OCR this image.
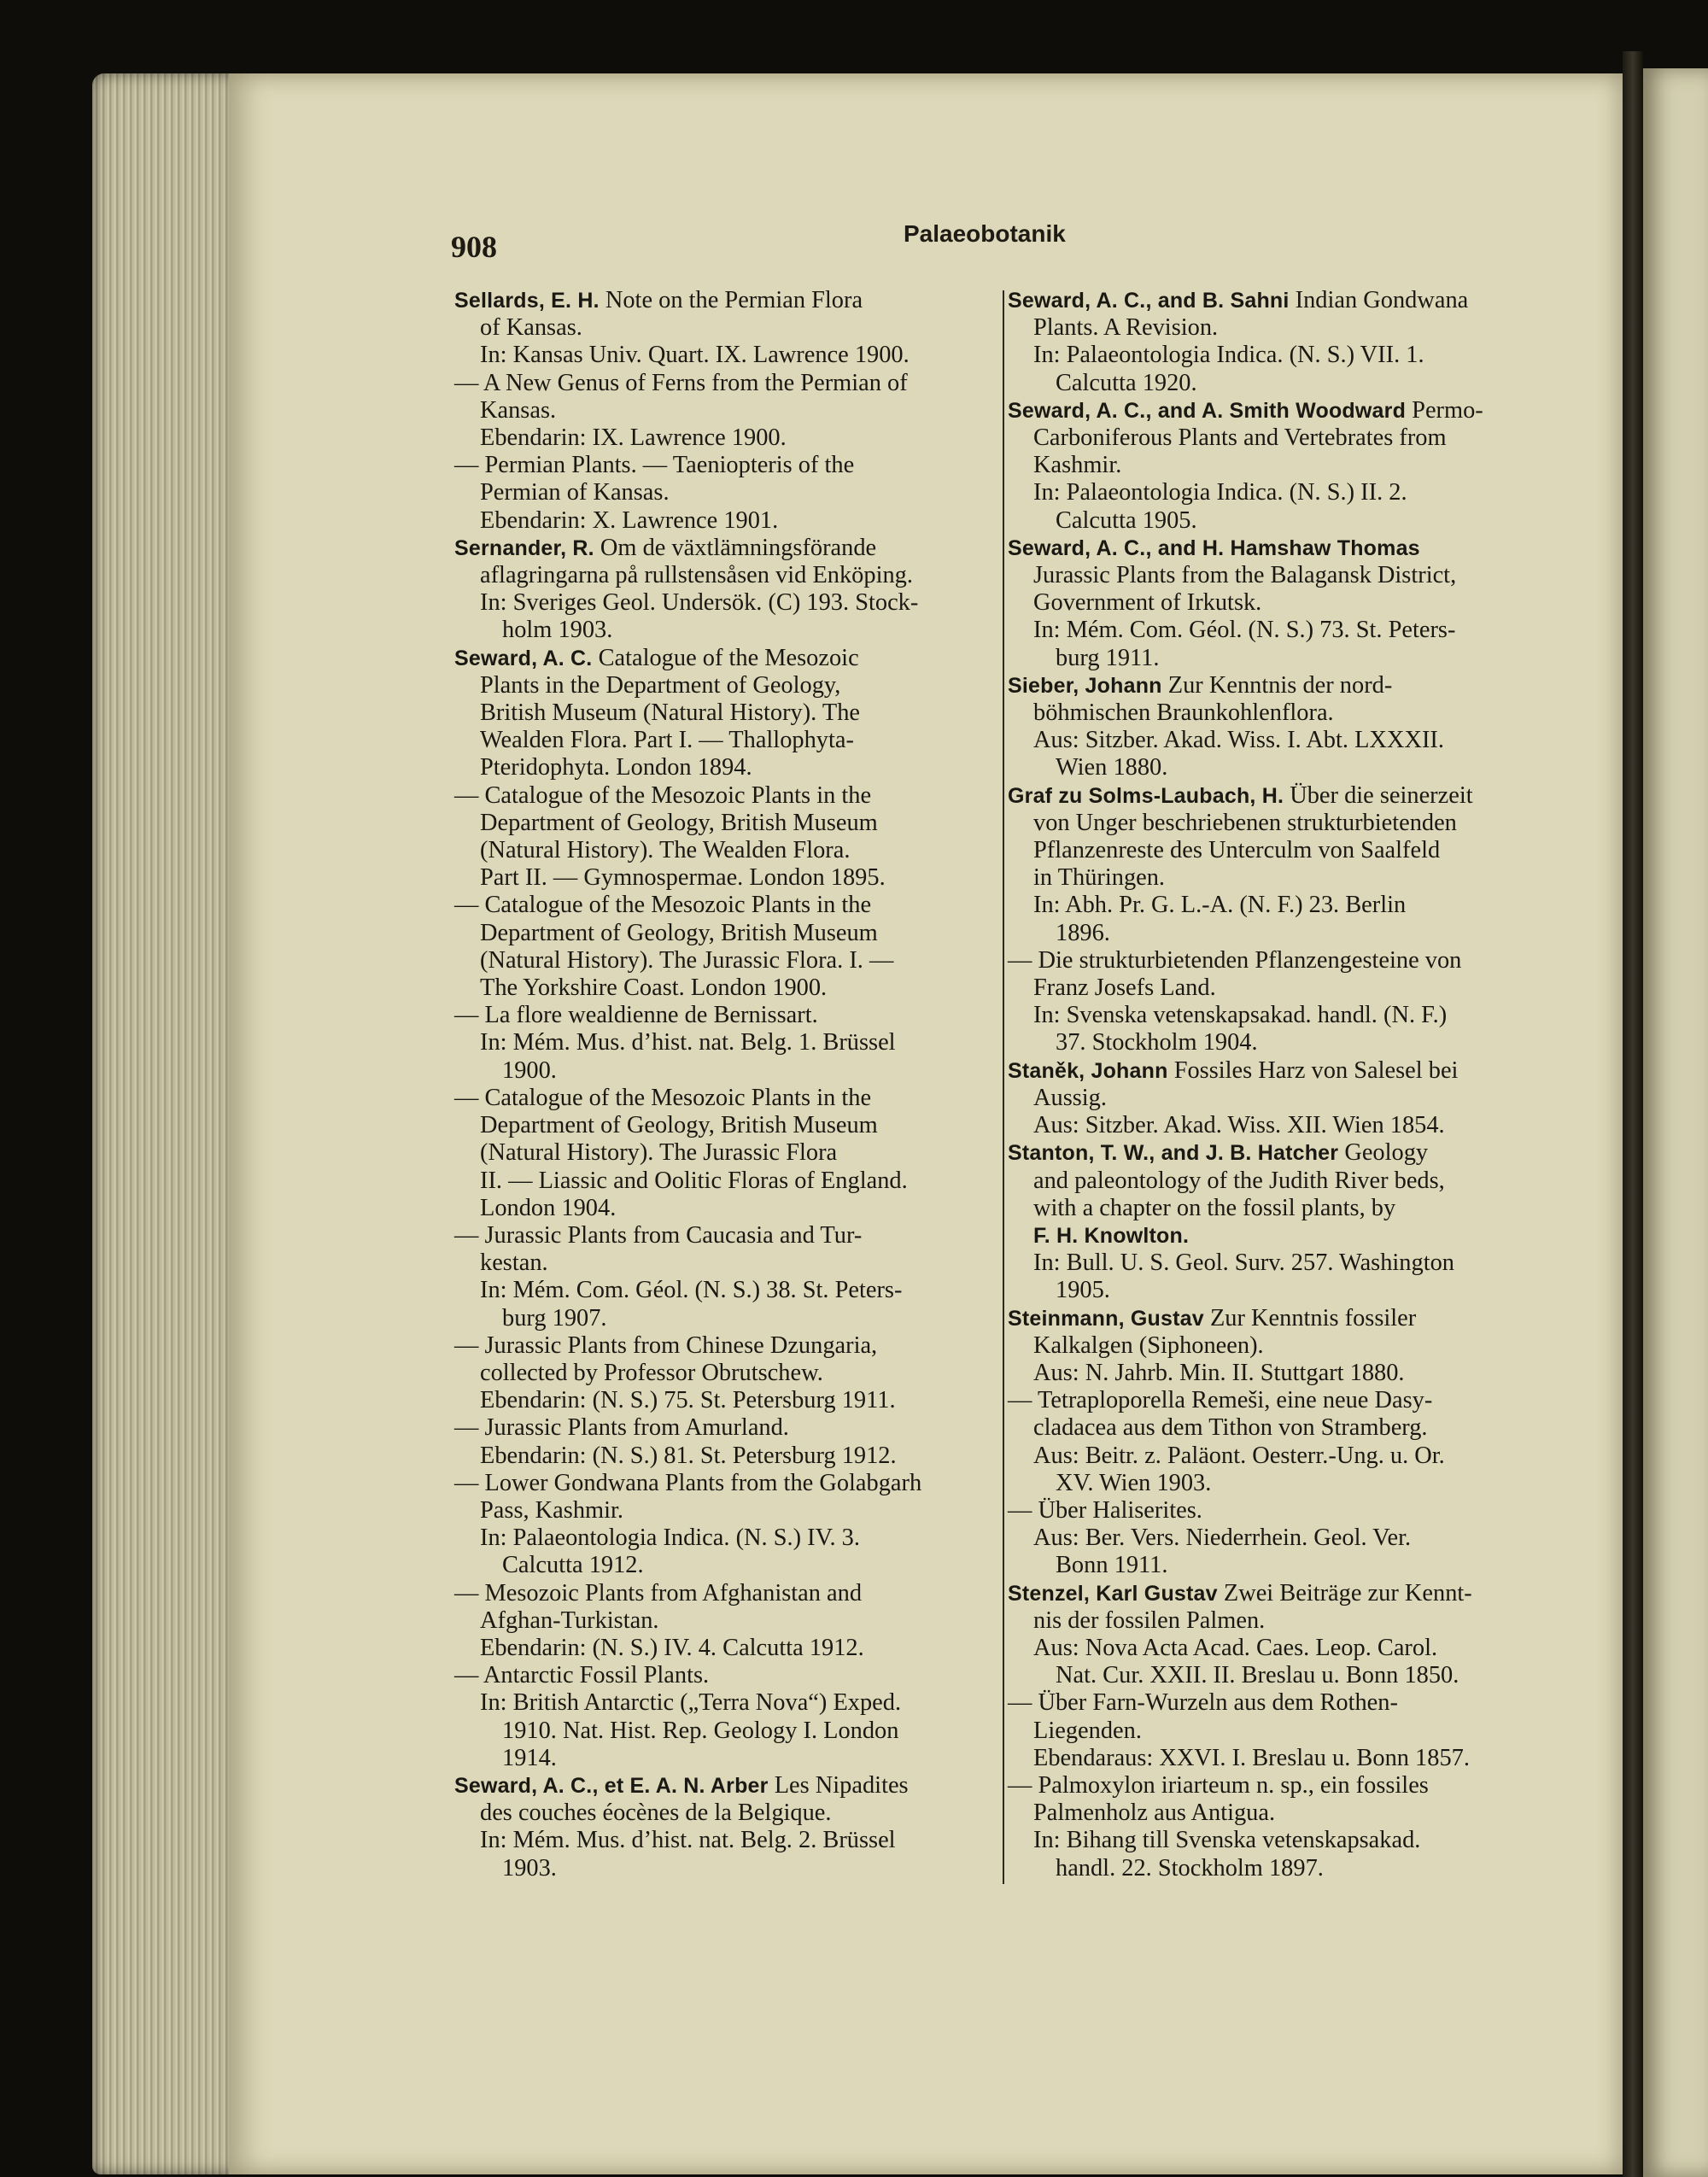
908	Palaeobotanik
Sellards, E. H. Note on the Permian Flora
of Kansas.
In: Kansas Univ. Quart. IX. Lawrence 1900.
— A New Genus of Ferns from the Permian of
Kansas.
Ebendarin: IX. Lawrence 1900.
— Permian Plants. — Taeniopteris of the
Permian of Kansas.
Ebendarin: X. Lawrence 1901.
Sernander, R. Om de växtlämningsförande
aflagringarna på rullstensåsen vid Enköping.
In: Sveriges Geol. Undersök. (C) 193. Stock-
holm 1903.
Seward, A. C. Catalogue of the Mesozoic
Plants in the Department of Geology,
British Museum (Natural History). The
Wealden Flora. Part I. — Thallophyta-
Pteridophyta. London 1894.
— Catalogue of the Mesozoic Plants in the
Department of Geology, British Museum
(Natural History). The Wealden Flora.
Part II. — Gymnospermae. London 1895.
— Catalogue of the Mesozoic Plants in the
Department of Geology, British Museum
(Natural History). The Jurassic Flora. I. —
The Yorkshire Coast. London 1900.
— La flore wealdienne de Bernissart.
In: Mém. Mus. d’hist. nat. Belg. 1. Brüssel
1900.
— Catalogue of the Mesozoic Plants in the
Department of Geology, British Museum
(Natural History). The Jurassic Flora
II. — Liassic and Oolitic Floras of England.
London 1904.
— Jurassic Plants from Caucasia and Tur-
kestan.
In: Mém. Com. Géol. (N. S.) 38. St. Peters-
burg 1907.
— Jurassic Plants from Chinese Dzungaria,
collected by Professor Obrutschew.
Ebendarin: (N. S.) 75. St. Petersburg 1911.
— Jurassic Plants from Amurland.
Ebendarin: (N. S.) 81. St. Petersburg 1912.
— Lower Gondwana Plants from the Golabgarh
Pass, Kashmir.
In: Palaeontologia Indica. (N. S.) IV. 3.
Calcutta 1912.
— Mesozoic Plants from Afghanistan and
Afghan-Turkistan.
Ebendarin: (N. S.) IV. 4. Calcutta 1912.
— Antarctic Fossil Plants.
In: British Antarctic („Terra Nova“) Exped.
1910. Nat. Hist. Rep. Geology I. London
1914.
Seward, A. C., et E. A. N. Arber Les Nipadites
des couches éocènes de la Belgique.
In: Mém. Mus. d’hist. nat. Belg. 2. Brüssel
1903.
Seward, A. C., and B. Sahni Indian Gondwana
Plants. A Revision.
In: Palaeontologia Indica. (N. S.) VII. 1.
Calcutta 1920.
Seward, A. C., and A. Smith Woodward Permo-
Carboniferous Plants and Vertebrates from
Kashmir.
In: Palaeontologia Indica. (N. S.) II. 2.
Calcutta 1905.
Seward, A. C., and H. Hamshaw Thomas
Jurassic Plants from the Balagansk District,
Government of Irkutsk.
In: Mém. Com. Géol. (N. S.) 73. St. Peters-
burg 1911.
Sieber, Johann Zur Kenntnis der nord-
böhmischen Braunkohlenflora.
Aus: Sitzber. Akad. Wiss. I. Abt. LXXXII.
Wien 1880.
Graf zu Solms-Laubach, H. Über die seinerzeit
von Unger beschriebenen strukturbietenden
Pflanzenreste des Unterculm von Saalfeld
in Thüringen.
In: Abh. Pr. G. L.-A. (N. F.) 23. Berlin
1896.
— Die strukturbietenden Pflanzengesteine von
Franz Josefs Land.
In: Svenska vetenskapsakad. handl. (N. F.)
37. Stockholm 1904.
Staněk, Johann Fossiles Harz von Salesel bei
Aussig.
Aus: Sitzber. Akad. Wiss. XII. Wien 1854.
Stanton, T. W., and J. B. Hatcher Geology
and paleontology of the Judith River beds,
with a chapter on the fossil plants, by
F. H. Knowlton.
In: Bull. U. S. Geol. Surv. 257. Washington
1905.
Steinmann, Gustav Zur Kenntnis fossiler
Kalkalgen (Siphoneen).
Aus: N. Jahrb. Min. II. Stuttgart 1880.
— Tetraploporella Remeši, eine neue Dasy-
cladacea aus dem Tithon von Stramberg.
Aus: Beitr. z. Paläont. Oesterr.-Ung. u. Or.
XV. Wien 1903.
— Über Haliserites.
Aus: Ber. Vers. Niederrhein. Geol. Ver.
Bonn 1911.
Stenzel, Karl Gustav Zwei Beiträge zur Kennt-
nis der fossilen Palmen.
Aus: Nova Acta Acad. Caes. Leop. Carol.
Nat. Cur. XXII. II. Breslau u. Bonn 1850.
— Über Farn-Wurzeln aus dem Rothen-
Liegenden.
Ebendaraus: XXVI. I. Breslau u. Bonn 1857.
— Palmoxylon iriarteum n. sp., ein fossiles
Palmenholz aus Antigua.
In: Bihang till Svenska vetenskapsakad.
handl. 22. Stockholm 1897.
